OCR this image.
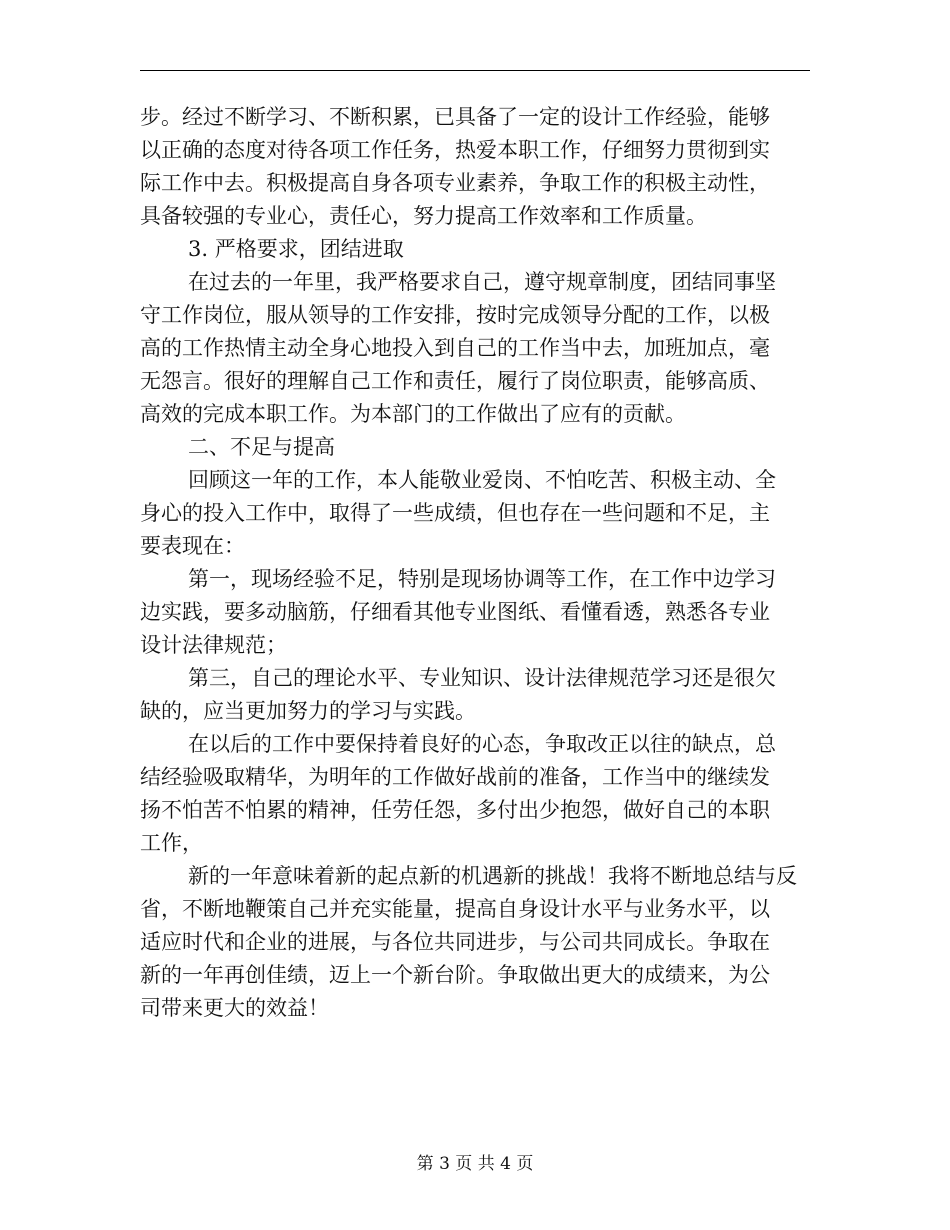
步。经过不断学习、不断积累，已具备了一定的设计工作经验，能够
以正确的态度对待各项工作任务，热爱本职工作，仔细努力贯彻到实
际工作中去。积极提高自身各项专业素养，争取工作的积极主动性，
具备较强的专业心，责任心，努力提高工作效率和工作质量。
3. 严格要求，团结进取
在过去的一年里，我严格要求自己，遵守规章制度，团结同事坚
守工作岗位，服从领导的工作安排，按时完成领导分配的工作，以极
高的工作热情主动全身心地投入到自己的工作当中去，加班加点，毫
无怨言。很好的理解自己工作和责任，履行了岗位职责，能够高质、
高效的完成本职工作。为本部门的工作做出了应有的贡献。
二、不足与提高
回顾这一年的工作，本人能敬业爱岗、不怕吃苦、积极主动、全
身心的投入工作中，取得了一些成绩，但也存在一些问题和不足，主
要表现在：
第一，现场经验不足，特别是现场协调等工作，在工作中边学习
边实践，要多动脑筋，仔细看其他专业图纸、看懂看透，熟悉各专业
设计法律规范；
第三，自己的理论水平、专业知识、设计法律规范学习还是很欠
缺的，应当更加努力的学习与实践。
在以后的工作中要保持着良好的心态，争取改正以往的缺点，总
结经验吸取精华，为明年的工作做好战前的准备，工作当中的继续发
扬不怕苦不怕累的精神，任劳任怨，多付出少抱怨，做好自己的本职
工作，
新的一年意味着新的起点新的机遇新的挑战！我将不断地总结与反
省，不断地鞭策自己并充实能量，提高自身设计水平与业务水平，以
适应时代和企业的进展，与各位共同进步，与公司共同成长。争取在
新的一年再创佳绩，迈上一个新台阶。争取做出更大的成绩来，为公
司带来更大的效益！
第 3 页 共 4 页
